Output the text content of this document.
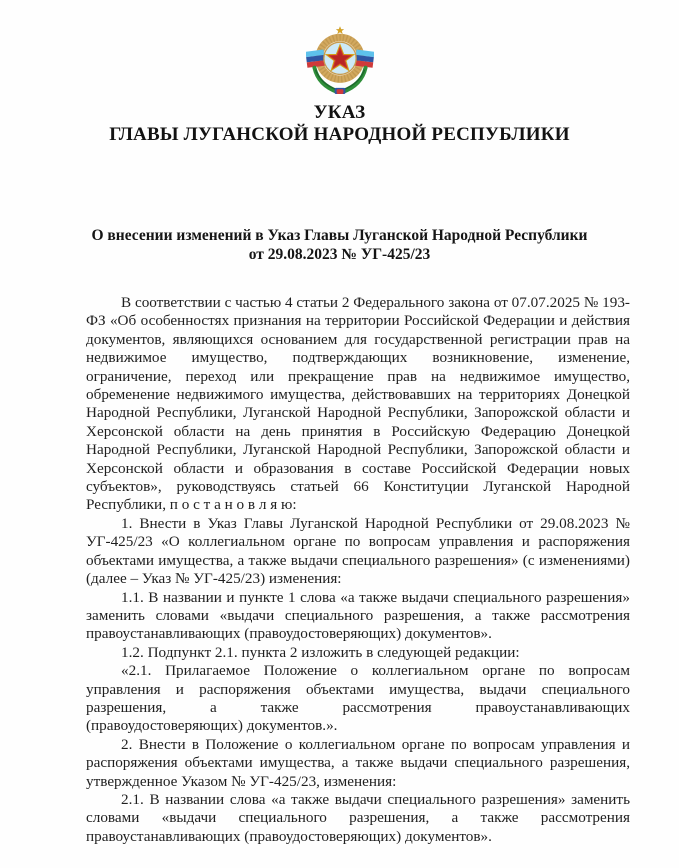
УКАЗ
ГЛАВЫ ЛУГАНСКОЙ НАРОДНОЙ РЕСПУБЛИКИ
О внесении изменений в Указ Главы Луганской Народной Республики
от 29.08.2023 № УГ-425/23

В соответствии с частью 4 статьи 2 Федерального закона от 07.07.2025 № 193-ФЗ «Об особенностях признания на территории Российской Федерации и действия документов, являющихся основанием для государственной регистрации прав на недвижимое имущество, подтверждающих возникновение, изменение, ограничение, переход или прекращение прав на недвижимое имущество, обременение недвижимого имущества, действовавших на территориях Донецкой Народной Республики, Луганской Народной Республики, Запорожской области и Херсонской области на день принятия в Российскую Федерацию Донецкой Народной Республики, Луганской Народной Республики, Запорожской области и Херсонской области и образования в составе Российской Федерации новых субъектов», руководствуясь статьей 66 Конституции Луганской Народной Республики, п о с т а н о в л я ю:

1. Внести в Указ Главы Луганской Народной Республики от 29.08.2023 № УГ-425/23 «О коллегиальном органе по вопросам управления и распоряжения объектами имущества, а также выдачи специального разрешения» (с изменениями) (далее – Указ № УГ-425/23) изменения:

1.1. В названии и пункте 1 слова «а также выдачи специального разрешения» заменить словами «выдачи специального разрешения, а также рассмотрения правоустанавливающих (правоудостоверяющих) документов».

1.2. Подпункт 2.1. пункта 2 изложить в следующей редакции:

«2.1. Прилагаемое Положение о коллегиальном органе по вопросам управления и распоряжения объектами имущества, выдачи специального разрешения, а также рассмотрения правоустанавливающих (правоудостоверяющих) документов.».

2. Внести в Положение о коллегиальном органе по вопросам управления и распоряжения объектами имущества, а также выдачи специального разрешения, утвержденное Указом № УГ-425/23, изменения:

2.1. В названии слова «а также выдачи специального разрешения» заменить словами «выдачи специального разрешения, а также рассмотрения правоустанавливающих (правоудостоверяющих) документов».
